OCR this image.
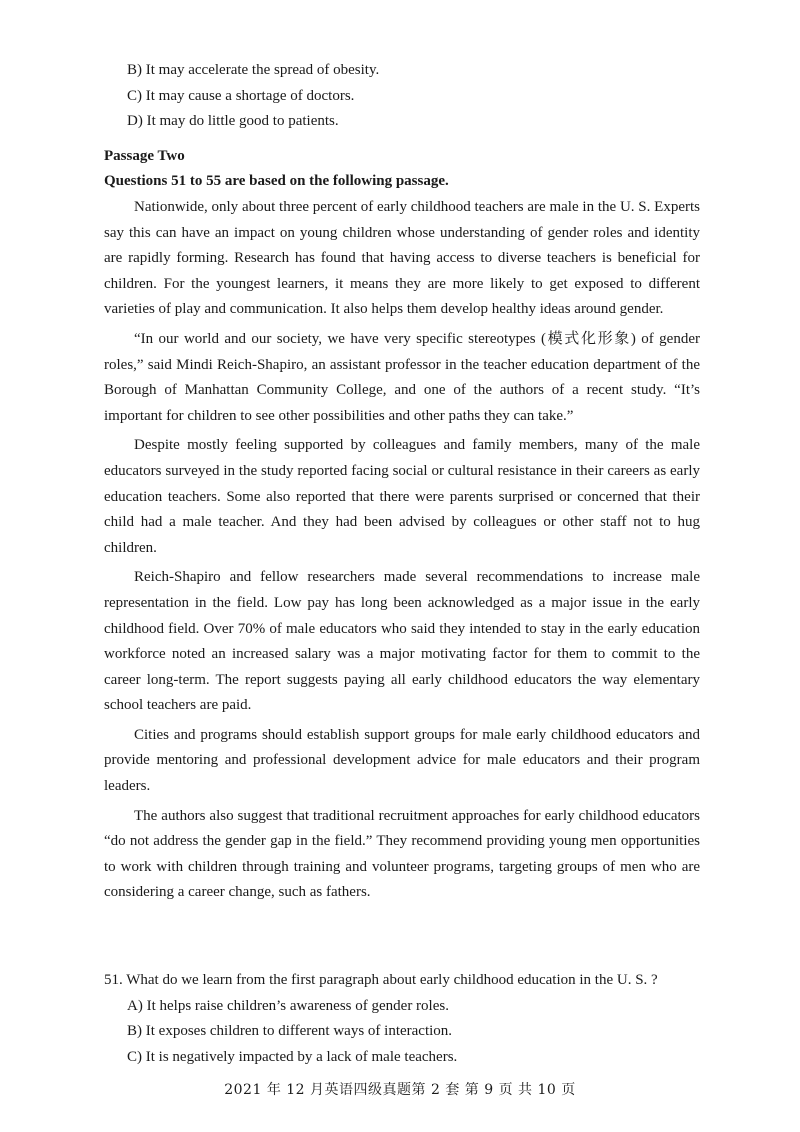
B) It may accelerate the spread of obesity.
C) It may cause a shortage of doctors.
D) It may do little good to patients.
Passage Two
Questions 51 to 55 are based on the following passage.

Nationwide, only about three percent of early childhood teachers are male in the U. S. Experts say this can have an impact on young children whose understanding of gender roles and identity are rapidly forming. Research has found that having access to diverse teachers is beneficial for children. For the youngest learners, it means they are more likely to get exposed to different varieties of play and communication. It also helps them develop healthy ideas around gender.

“In our world and our society, we have very specific stereotypes (模式化形象) of gender roles,” said Mindi Reich-Shapiro, an assistant professor in the teacher education department of the Borough of Manhattan Community College, and one of the authors of a recent study. “It’s important for children to see other possibilities and other paths they can take.”

Despite mostly feeling supported by colleagues and family members, many of the male educators surveyed in the study reported facing social or cultural resistance in their careers as early education teachers. Some also reported that there were parents surprised or concerned that their child had a male teacher. And they had been advised by colleagues or other staff not to hug children.

Reich-Shapiro and fellow researchers made several recommendations to increase male representation in the field. Low pay has long been acknowledged as a major issue in the early childhood field. Over 70% of male educators who said they intended to stay in the early education workforce noted an increased salary was a major motivating factor for them to commit to the career long-term. The report suggests paying all early childhood educators the way elementary school teachers are paid.

Cities and programs should establish support groups for male early childhood educators and provide mentoring and professional development advice for male educators and their program leaders.

The authors also suggest that traditional recruitment approaches for early childhood educators “do not address the gender gap in the field.” They recommend providing young men opportunities to work with children through training and volunteer programs, targeting groups of men who are considering a career change, such as fathers.

51. What do we learn from the first paragraph about early childhood education in the U. S. ?
A) It helps raise children’s awareness of gender roles.
B) It exposes children to different ways of interaction.
C) It is negatively impacted by a lack of male teachers.
2021 年 12 月英语四级真题第 2 套 第 9 页 共 10 页
